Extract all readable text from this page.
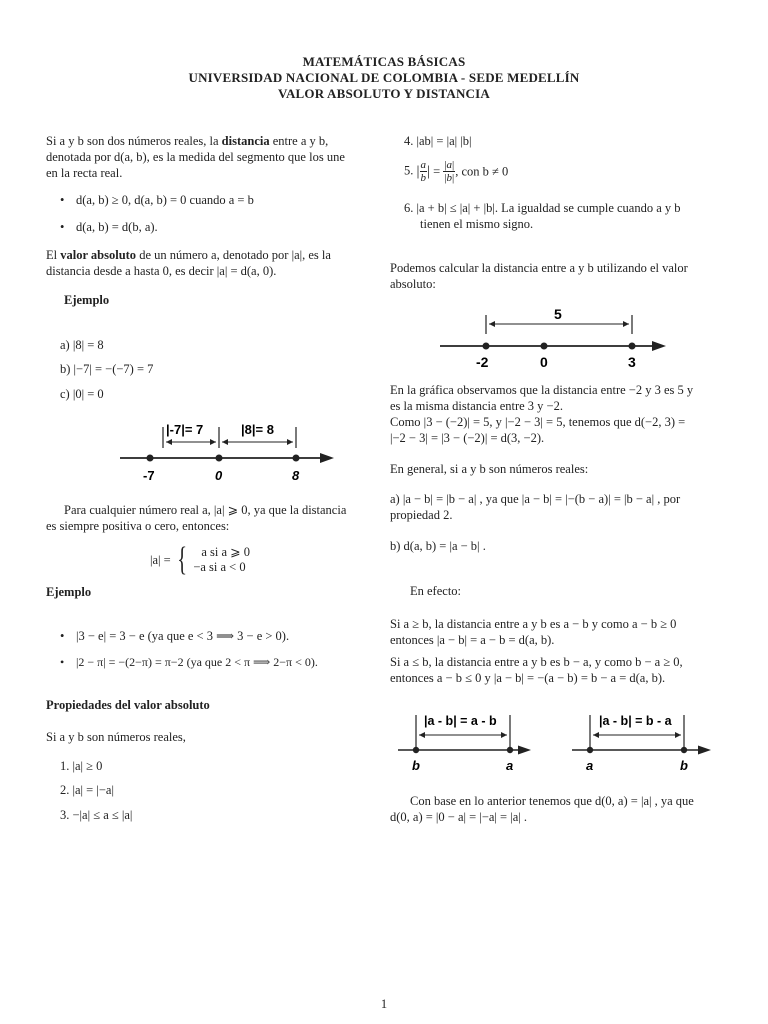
MATEMÁTICAS BÁSICAS
UNIVERSIDAD NACIONAL DE COLOMBIA - SEDE MEDELLÍN
VALOR ABSOLUTO Y DISTANCIA
Si a y b son dos números reales, la distancia entre a y b,
denotada por d(a, b), es la medida del segmento que los une
en la recta real.
• d(a, b) ≥ 0, d(a, b) = 0 cuando a = b
• d(a, b) = d(b, a).
El valor absoluto de un número a, denotado por |a|, es la
distancia desde a hasta 0, es decir |a| = d(a, 0).
Ejemplo
a) |8| = 8
b) |−7| = −(−7) = 7
c) |0| = 0
|-7|= 7	|8|= 8
-7	0	8
Para cualquier número real a, |a| ⩾ 0, ya que la distancia
es siempre positiva o cero, entonces:
|a| = {	a si a ⩾ 0
−a si a < 0
Ejemplo
• |3 − e| = 3 − e (ya que e < 3 ⟹ 3 − e > 0).
• |2 − π| = −(2−π) = π−2 (ya que 2 < π ⟹ 2−π < 0).
Propiedades del valor absoluto
Si a y b son números reales,
1. |a| ≥ 0
2. |a| = |−a|
3. −|a| ≤ a ≤ |a|
4. |ab| = |a| |b|
5. | $\frac{a}{b}$ | = $\frac{|a|}{|b|}$ , con b ≠ 0
6. |a + b| ≤ |a| + |b|. La igualdad se cumple cuando a y b
tienen el mismo signo.
Podemos calcular la distancia entre a y b utilizando el valor
absoluto:
5
-2	0	3
En la gráfica observamos que la distancia entre −2 y 3 es 5 y
es la misma distancia entre 3 y −2.
Como |3 − (−2)| = 5, y |−2 − 3| = 5, tenemos que d(−2, 3) =
|−2 − 3| = |3 − (−2)| = d(3, −2).
En general, si a y b son números reales:
a) |a − b| = |b − a| , ya que |a − b| = |−(b − a)| = |b − a| , por
propiedad 2.
b) d(a, b) = |a − b| .
En efecto:
Si a ≥ b, la distancia entre a y b es a − b y como a − b ≥ 0
entonces |a − b| = a − b = d(a, b).
Si a ≤ b, la distancia entre a y b es b − a, y como b − a ≥ 0,
entonces a − b ≤ 0 y |a − b| = −(a − b) = b − a = d(a, b).
|a - b| = a - b
b	a
|a - b| = b - a
a	b
Con base en lo anterior tenemos que d(0, a) = |a| , ya que
d(0, a) = |0 − a| = |−a| = |a| .
1
